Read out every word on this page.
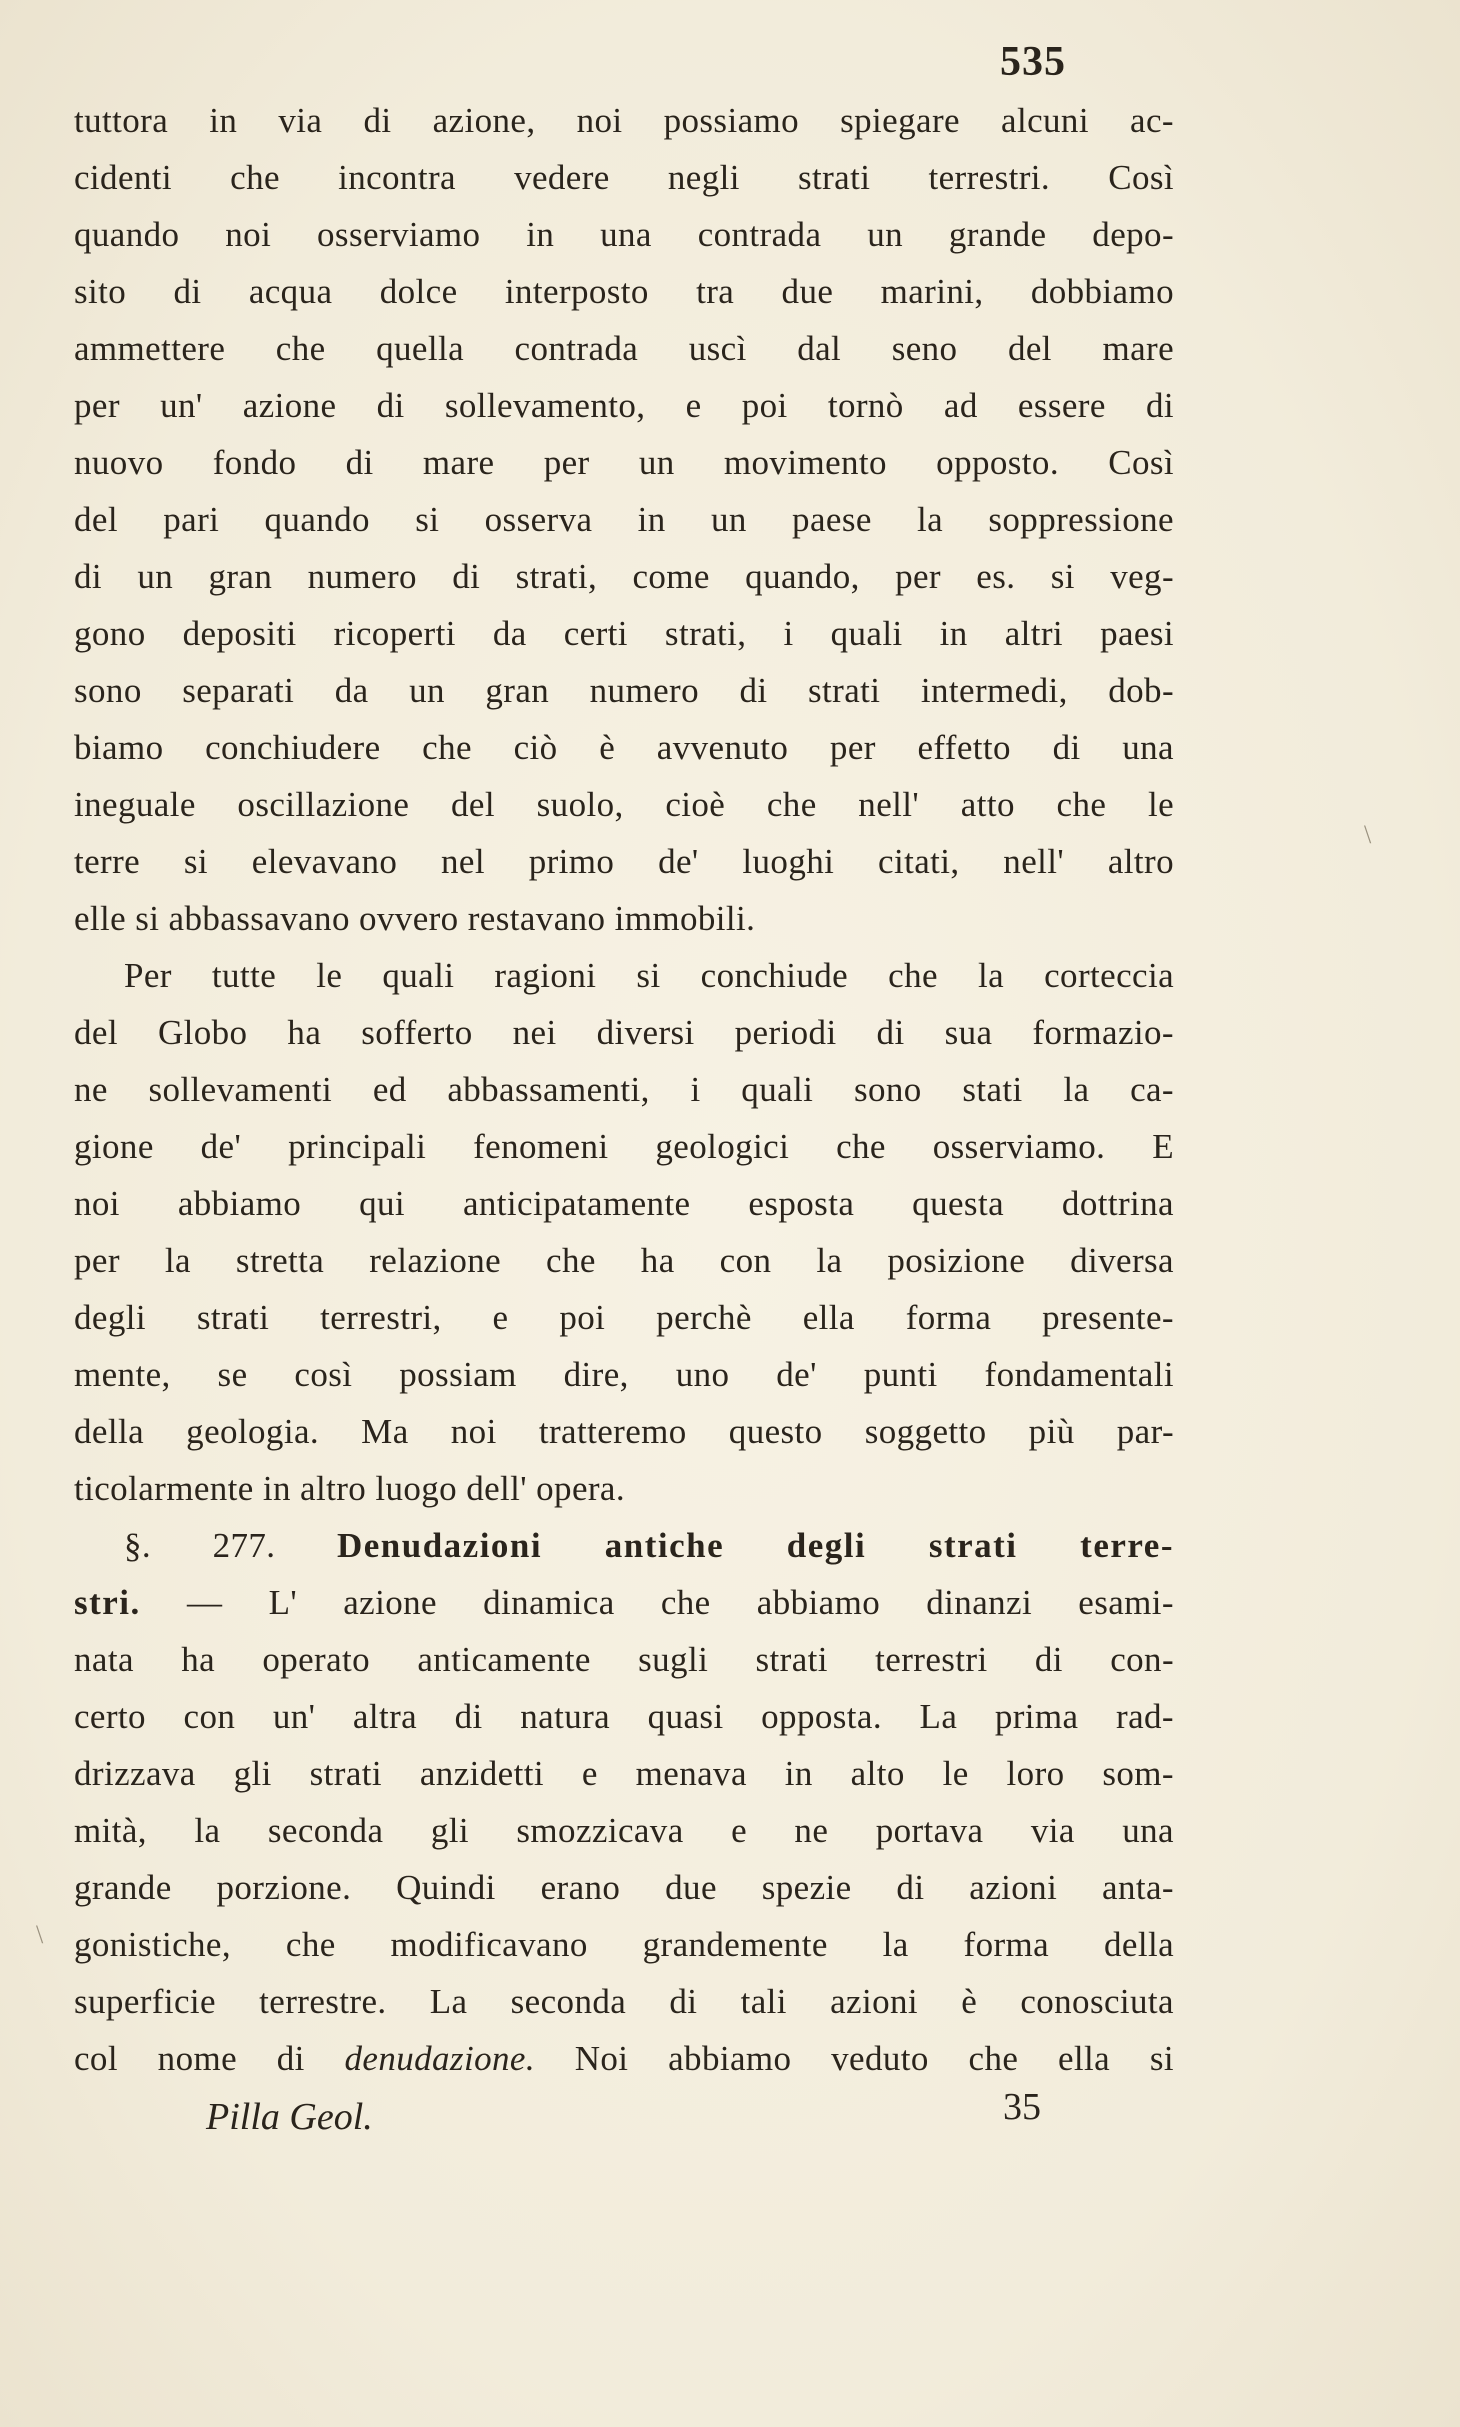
535
tuttora in via di azione, noi possiamo spiegare alcuni ac-
cidenti che incontra vedere negli strati terrestri. Così
quando noi osserviamo in una contrada un grande depo-
sito di acqua dolce interposto tra due marini, dobbiamo
ammettere che quella contrada uscì dal seno del mare
per un' azione di sollevamento, e poi tornò ad essere di
nuovo fondo di mare per un movimento opposto. Così
del pari quando si osserva in un paese la soppressione
di un gran numero di strati, come quando, per es. si veg-
gono depositi ricoperti da certi strati, i quali in altri paesi
sono separati da un gran numero di strati intermedi, dob-
biamo conchiudere che ciò è avvenuto per effetto di una
ineguale oscillazione del suolo, cioè che nell' atto che le
terre si elevavano nel primo de' luoghi citati, nell' altro
elle si abbassavano ovvero restavano immobili.
Per tutte le quali ragioni si conchiude che la corteccia
del Globo ha sofferto nei diversi periodi di sua formazio-
ne sollevamenti ed abbassamenti, i quali sono stati la ca-
gione de' principali fenomeni geologici che osserviamo. E
noi abbiamo qui anticipatamente esposta questa dottrina
per la stretta relazione che ha con la posizione diversa
degli strati terrestri, e poi perchè ella forma presente-
mente, se così possiam dire, uno de' punti fondamentali
della geologia. Ma noi tratteremo questo soggetto più par-
ticolarmente in altro luogo dell' opera.
§. 277. Denudazioni antiche degli strati terre-
stri. — L' azione dinamica che abbiamo dinanzi esami-
nata ha operato anticamente sugli strati terrestri di con-
certo con un' altra di natura quasi opposta. La prima rad-
drizzava gli strati anzidetti e menava in alto le loro som-
mità, la seconda gli smozzicava e ne portava via una
grande porzione. Quindi erano due spezie di azioni anta-
gonistiche, che modificavano grandemente la forma della
superficie terrestre. La seconda di tali azioni è conosciuta
col nome di denudazione. Noi abbiamo veduto che ella si
Pilla Geol.	35
\
\
